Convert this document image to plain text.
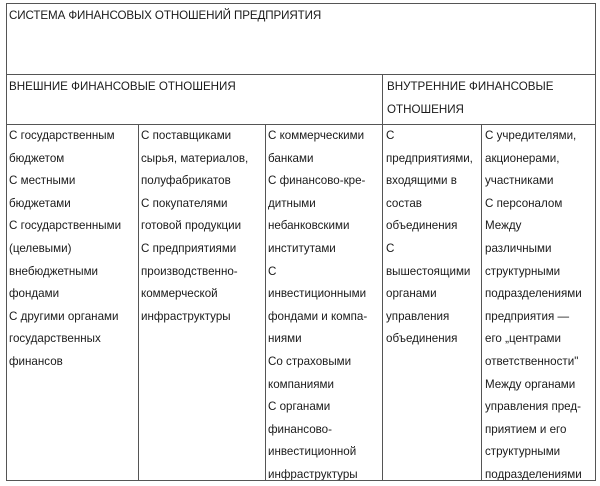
СИСТЕМА ФИНАНСОВЫХ ОТНОШЕНИЙ ПРЕДПРИЯТИЯ
ВНЕШНИЕ ФИНАНСОВЫЕ ОТНОШЕНИЯ	ВНУТРЕННИЕ ФИНАНСОВЫЕ
ОТНОШЕНИЯ
С государственным
бюджетом
С местными
бюджетами
С государственными
(целевыми)
внебюджетными
фондами
С другими органами
государственных
финансов
С поставщиками
сырья, материалов,
полуфабрикатов
С покупателями
готовой продукции
С предприятиями
производственно-
коммерческой
инфраструктуры
С коммерческими
банками
С финансово-кре-
дитными
небанковскими
институтами
С
инвестиционными
фондами и компа-
ниями
Со страховыми
компаниями
С органами
финансово-
инвестиционной
инфраструктуры
С
предприятиями,
входящими в
состав
объединения
С
вышестоящими
органами
управления
объединения
С учредителями,
акционерами,
участниками
С персоналом
Между
различными
структурными
подразделениями
предприятия —
его „центрами
ответственности"
Между органами
управления пред-
приятием и его
структурными
подразделениями
